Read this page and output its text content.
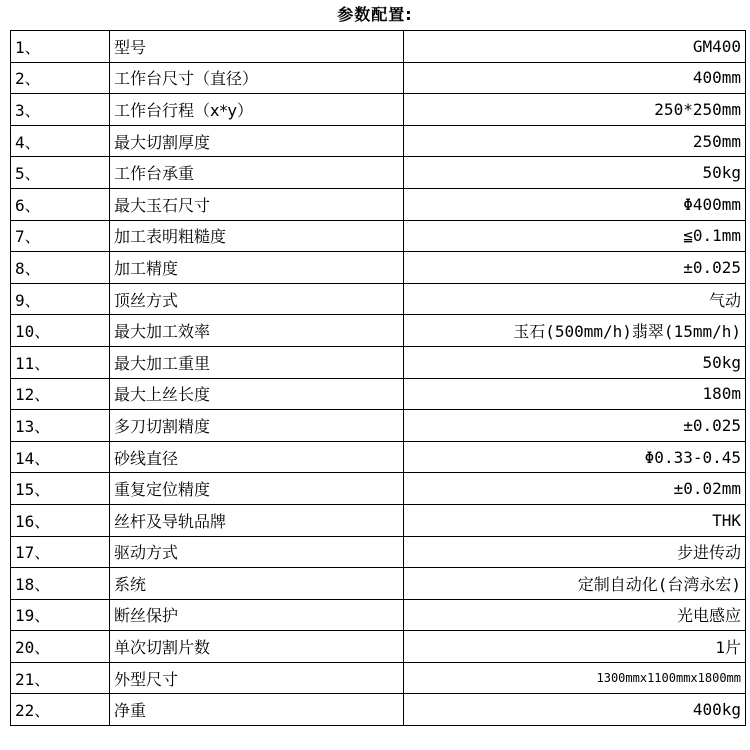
参数配置:
1、	型号	GM400
2、	工作台尺寸（直径）	400mm
3、	工作台行程（x*y）	250*250mm
4、	最大切割厚度	250mm
5、	工作台承重	50kg
6、	最大玉石尺寸	Φ400mm
7、	加工表明粗糙度	≦0.1mm
8、	加工精度	±0.025
9、	顶丝方式	气动
10、	最大加工效率	玉石(500mm/h)翡翠(15mm/h)
11、	最大加工重里	50kg
12、	最大上丝长度	180m
13、	多刀切割精度	±0.025
14、	砂线直径	Φ0.33-0.45
15、	重复定位精度	±0.02mm
16、	丝杆及导轨品牌	THK
17、	驱动方式	步进传动
18、	系统	定制自动化(台湾永宏)
19、	断丝保护	光电感应
20、	单次切割片数	1片
21、	外型尺寸	1300mmx1100mmx1800mm
22、	净重	400kg
